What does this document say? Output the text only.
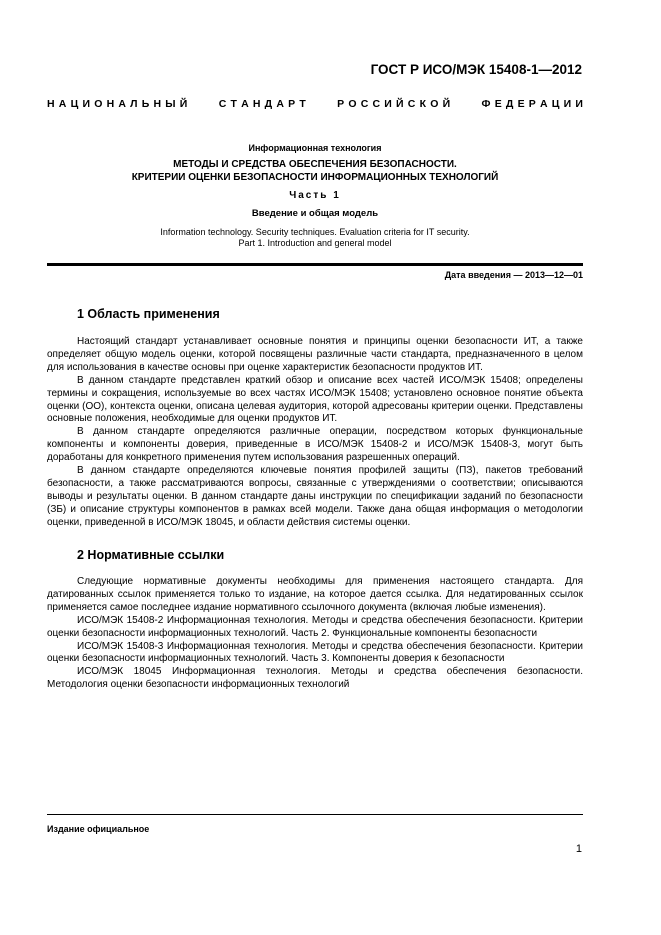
ГОСТ Р ИСО/МЭК 15408-1—2012
Н  А  Ц  И  О  Н  А  Л  Ь  Н  Ы  Й	С  Т  А  Н  Д  А  Р  Т	Р  О  С  С  И  Й  С  К  О  Й	Ф  Е  Д  Е  Р  А  Ц  И  И
Информационная технология
МЕТОДЫ И СРЕДСТВА ОБЕСПЕЧЕНИЯ БЕЗОПАСНОСТИ.
КРИТЕРИИ ОЦЕНКИ БЕЗОПАСНОСТИ ИНФОРМАЦИОННЫХ ТЕХНОЛОГИЙ
Часть 1
Введение и общая модель
Information technology. Security techniques. Evaluation criteria for IT security.
Part 1. Introduction and general model
Дата введения — 2013—12—01
1 Область применения

Настоящий стандарт устанавливает основные понятия и принципы оценки безопасности ИТ, а также определяет общую модель оценки, которой посвящены различные части стандарта, предназначенного в целом для использования в качестве основы при оценке характеристик безопасности продуктов ИТ.

В данном стандарте представлен краткий обзор и описание всех частей ИСО/МЭК 15408; определены термины и сокращения, используемые во всех частях ИСО/МЭК 15408; установлено основное понятие объекта оценки (ОО), контекста оценки, описана целевая аудитория, которой адресованы критерии оценки. Представлены основные положения, необходимые для оценки продуктов ИТ.

В данном стандарте определяются различные операции, посредством которых функциональные компоненты и компоненты доверия, приведенные в ИСО/МЭК 15408-2 и ИСО/МЭК 15408-3, могут быть доработаны для конкретного применения путем использования разрешенных операций.

В данном стандарте определяются ключевые понятия профилей защиты (ПЗ), пакетов требований безопасности, а также рассматриваются вопросы, связанные с утверждениями о соответствии; описываются выводы и результаты оценки. В данном стандарте даны инструкции по спецификации заданий по безопасности (ЗБ) и описание структуры компонентов в рамках всей модели. Также дана общая информация о методологии оценки, приведенной в ИСО/МЭК 18045, и области действия системы оценки.

2 Нормативные ссылки

Следующие нормативные документы необходимы для применения настоящего стандарта. Для датированных ссылок применяется только то издание, на которое дается ссылка. Для недатированных ссылок применяется самое последнее издание нормативного ссылочного документа (включая любые изменения).

ИСО/МЭК 15408-2 Информационная технология. Методы и средства обеспечения безопасности. Критерии оценки безопасности информационных технологий. Часть 2. Функциональные компоненты безопасности

ИСО/МЭК 15408-3 Информационная технология. Методы и средства обеспечения безопасности. Критерии оценки безопасности информационных технологий. Часть 3. Компоненты доверия к безопасности

ИСО/МЭК 18045 Информационная технология. Методы и средства обеспечения безопасности. Методология оценки безопасности информационных технологий

Издание официальное
1
